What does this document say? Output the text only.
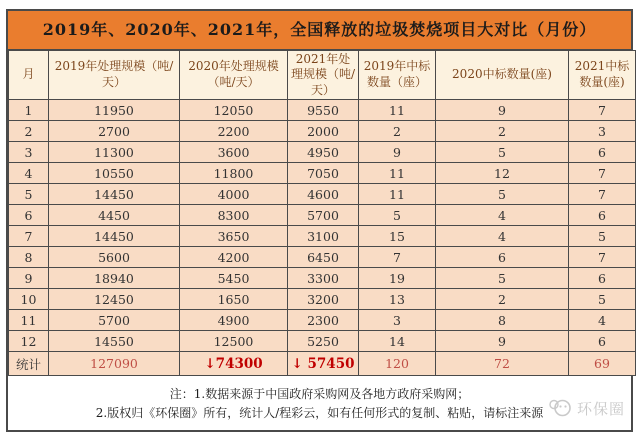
2019年、2020年、2021年，全国释放的垃圾焚烧项目大对比（月份）
月	2019年处理规模（吨/天）	2020年处理规模（吨/天）	2021年处理规模（吨/天）	2019年中标数量（座）	2020中标数量(座)	2021中标数量(座)
1	11950	12050	9550	11	9	7
2	2700	2200	2000	2	2	3
3	11300	3600	4950	9	5	6
4	10550	11800	7050	11	12	7
5	14450	4000	4600	11	5	7
6	4450	8300	5700	5	4	6
7	14450	3650	3100	15	4	5
8	5600	4200	6450	7	6	7
9	18940	5450	3300	19	5	6
10	12450	1650	3200	13	2	5
11	5700	4900	2300	3	8	4
12	14550	12500	5250	14	9	6
统计	127090	↓74300	↓ 57450	120	72	69
注：1.数据来源于中国政府采购网及各地方政府采购网；
2.版权归《环保圈》所有，统计人/程彩云，如有任何形式的复制、粘贴，请标注来源	环保圈
